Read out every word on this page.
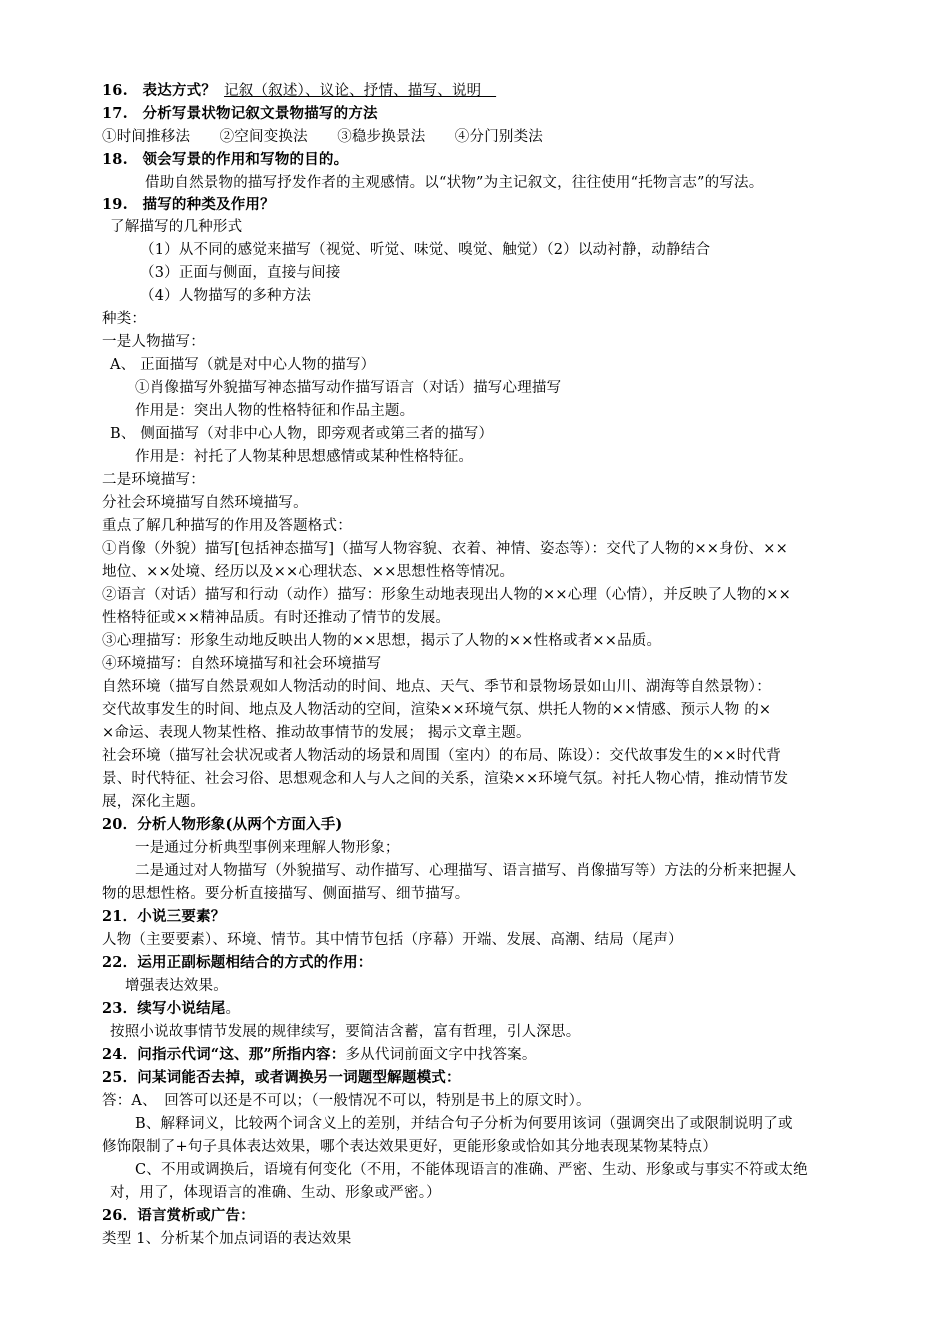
16.　表达方式？ 记叙（叙述）、议论、抒情、描写、说明　

17.　分析写景状物记叙文景物描写的方法

①时间推移法　　②空间变换法　　③稳步换景法　　④分门别类法

18.　领会写景的作用和写物的目的。

借助自然景物的描写抒发作者的主观感情。以“状物”为主记叙文，往往使用“托物言志”的写法。

19.　描写的种类及作用？

了解描写的几种形式

（1）从不同的感觉来描写（视觉、听觉、味觉、嗅觉、触觉）（2）以动衬静，动静结合

（3）正面与侧面，直接与间接

（4）人物描写的多种方法

种类：

一是人物描写：

A、 正面描写（就是对中心人物的描写）

①肖像描写外貌描写神态描写动作描写语言（对话）描写心理描写

作用是：突出人物的性格特征和作品主题。

B、 侧面描写（对非中心人物，即旁观者或第三者的描写）

作用是：衬托了人物某种思想感情或某种性格特征。

二是环境描写：

分社会环境描写自然环境描写。

重点了解几种描写的作用及答题格式：

①肖像（外貌）描写[包括神态描写]（描写人物容貌、衣着、神情、姿态等）：交代了人物的××身份、××

地位、××处境、经历以及××心理状态、××思想性格等情况。

②语言（对话）描写和行动（动作）描写：形象生动地表现出人物的××心理（心情），并反映了人物的××

性格特征或××精神品质。有时还推动了情节的发展。

③心理描写：形象生动地反映出人物的××思想，揭示了人物的××性格或者××品质。

④环境描写：自然环境描写和社会环境描写

自然环境（描写自然景观如人物活动的时间、地点、天气、季节和景物场景如山川、湖海等自然景物）：

交代故事发生的时间、地点及人物活动的空间，渲染××环境气氛、烘托人物的××情感、预示人物 的×

×命运、表现人物某性格、推动故事情节的发展； 揭示文章主题。

社会环境（描写社会状况或者人物活动的场景和周围（室内）的布局、陈设）：交代故事发生的××时代背

景、时代特征、社会习俗、思想观念和人与人之间的关系，渲染××环境气氛。衬托人物心情，推动情节发

展，深化主题。

20．分析人物形象(从两个方面入手)

一是通过分析典型事例来理解人物形象；

二是通过对人物描写（外貌描写、动作描写、心理描写、语言描写、肖像描写等）方法的分析来把握人

物的思想性格。要分析直接描写、侧面描写、细节描写。

21．小说三要素？

人物（主要要素）、环境、情节。其中情节包括（序幕）开端、发展、高潮、结局（尾声）

22．运用正副标题相结合的方式的作用：

增强表达效果。

23．续写小说结尾。

按照小说故事情节发展的规律续写，要简洁含蓄，富有哲理，引人深思。

24．问指示代词“这、那”所指内容：多从代词前面文字中找答案。

25．问某词能否去掉，或者调换另一词题型解题模式：

答：A、　回答可以还是不可以；（一般情况不可以，特别是书上的原文时）。

B、解释词义，比较两个词含义上的差别，并结合句子分析为何要用该词（强调突出了或限制说明了或

修饰限制了+句子具体表达效果，哪个表达效果更好，更能形象或恰如其分地表现某物某特点）

C、不用或调换后，语境有何变化（不用，不能体现语言的准确、严密、生动、形象或与事实不符或太绝

对，用了，体现语言的准确、生动、形象或严密。）

26．语言赏析或广告：

类型 1、分析某个加点词语的表达效果
